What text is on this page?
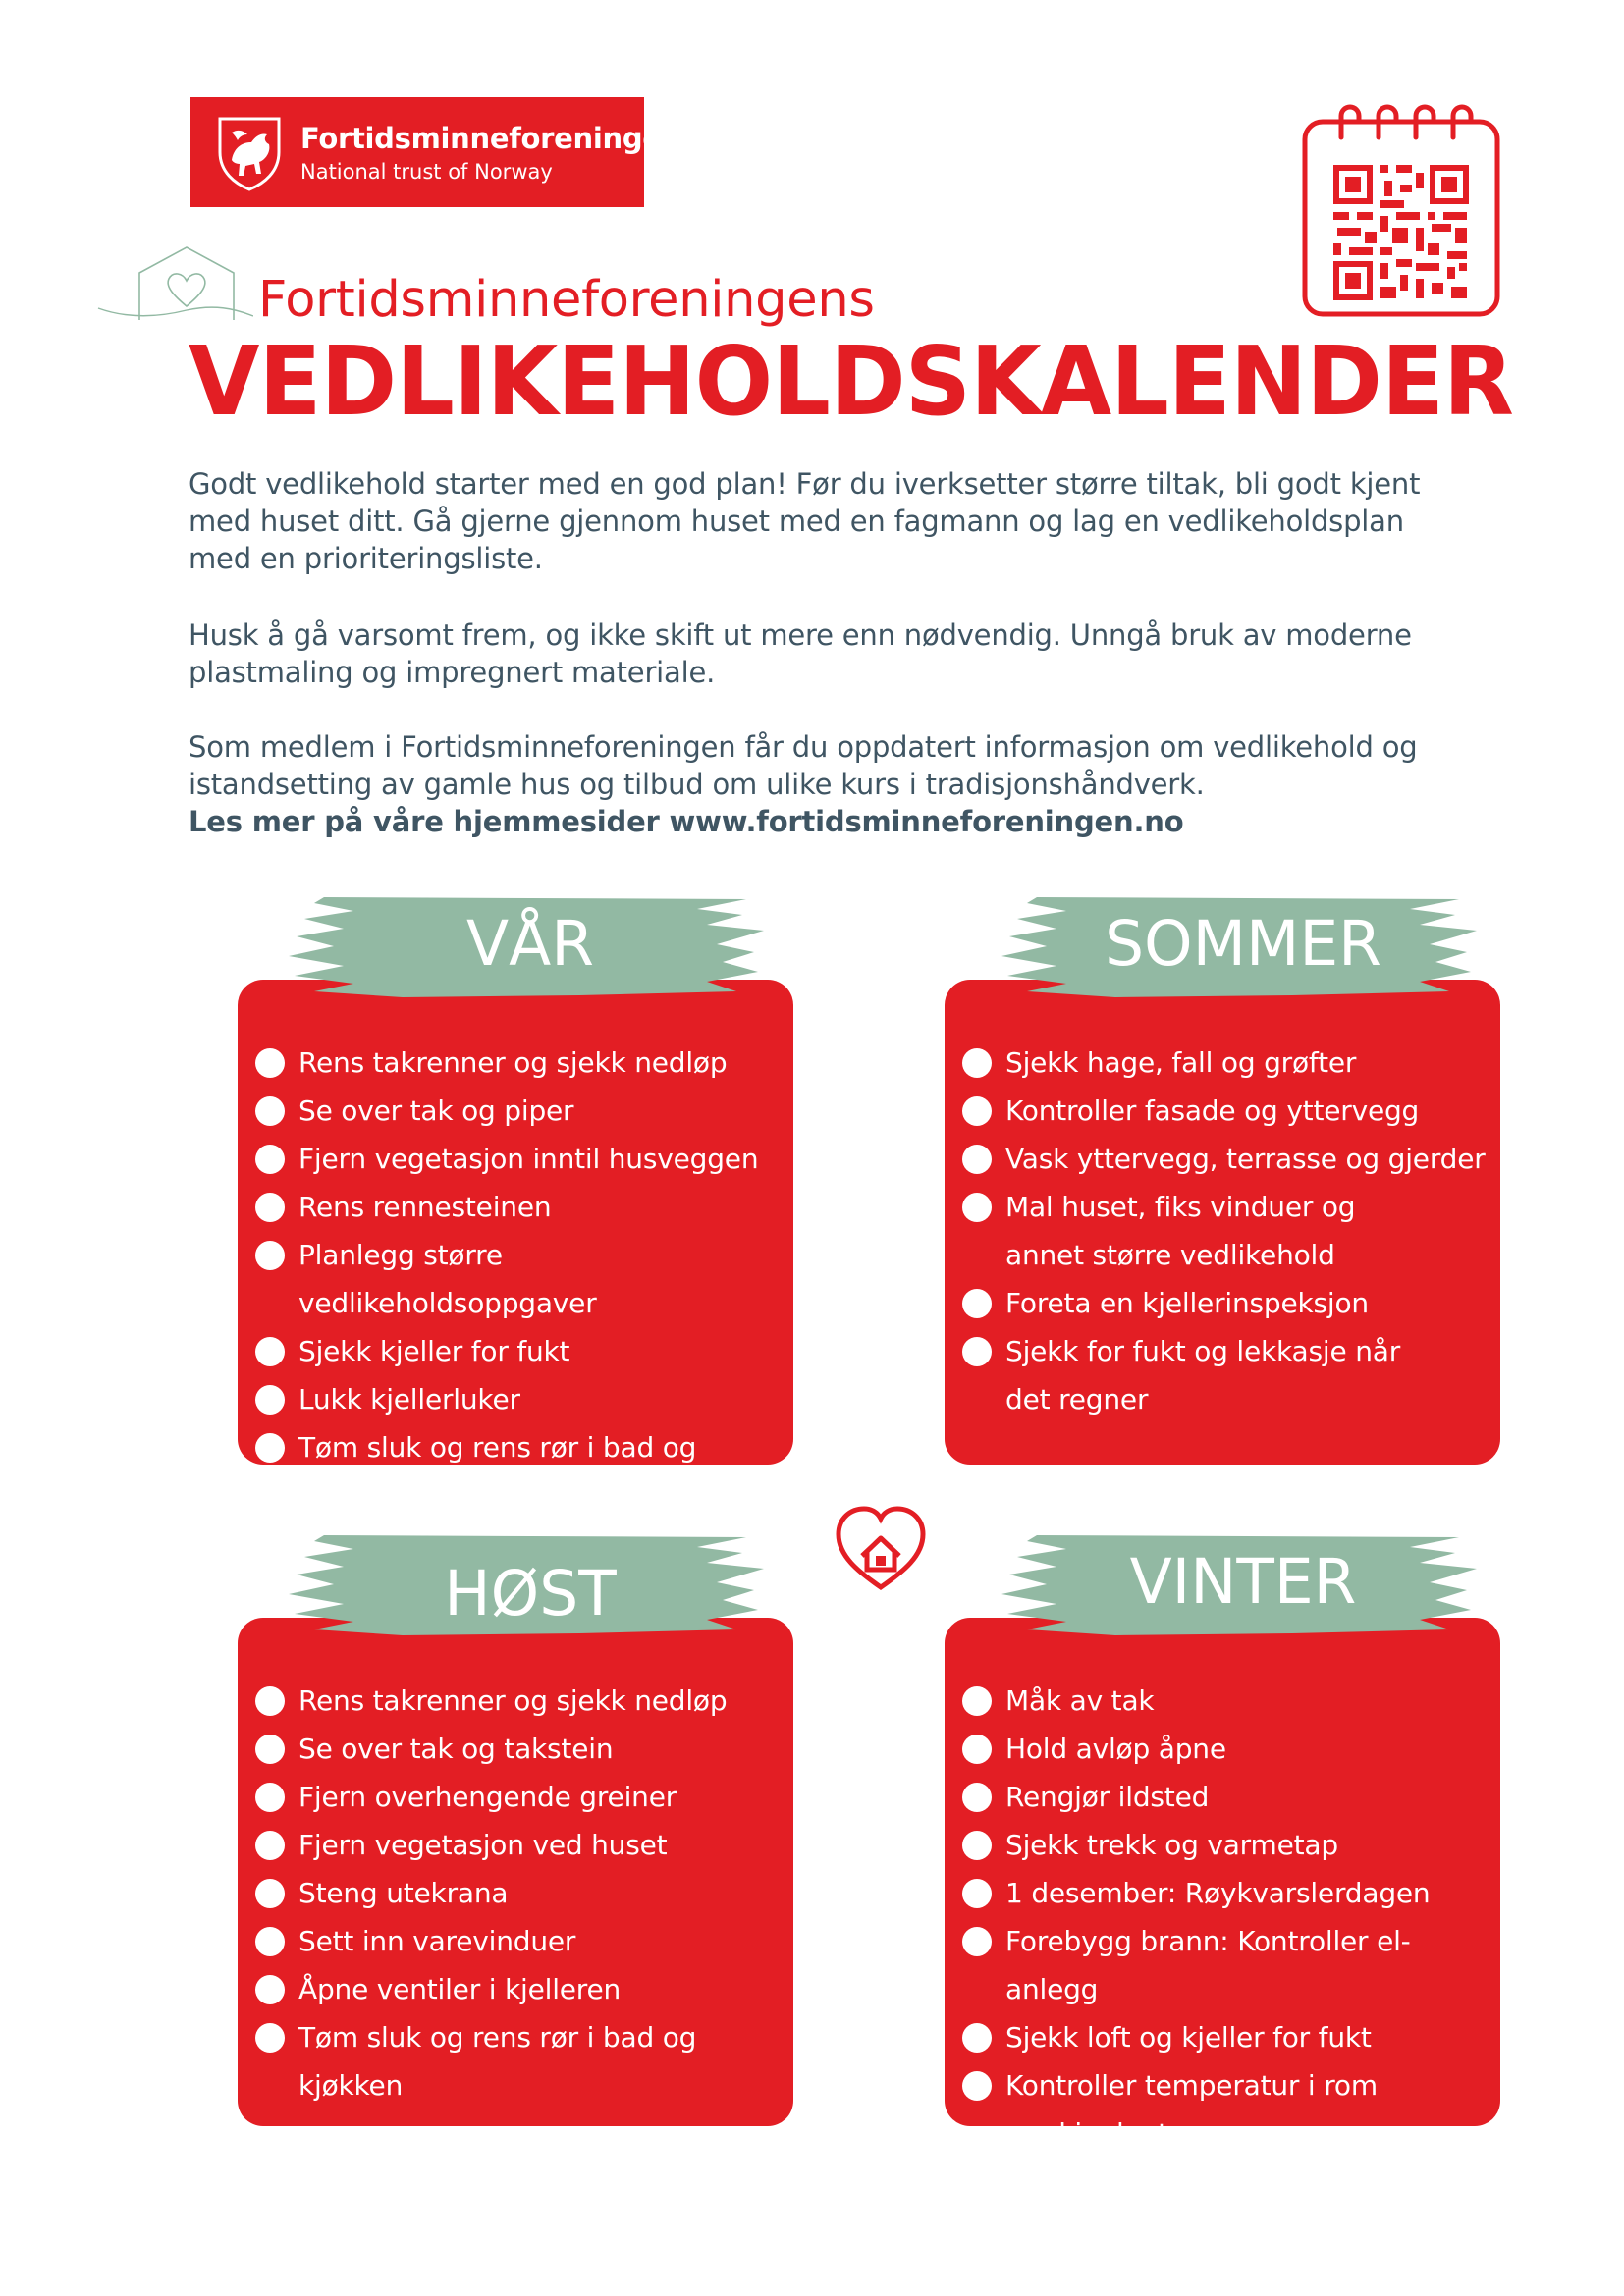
Fortidsminneforeningen
National trust of Norway
Fortidsminneforeningens
VEDLIKEHOLDSKALENDER

Godt vedlikehold starter med en god plan! Før du iverksetter større tiltak, bli godt kjent med huset ditt. Gå gjerne gjennom huset med en fagmann og lag en vedlikeholdsplan med en prioriteringsliste.

Husk å gå varsomt frem, og ikke skift ut mere enn nødvendig. Unngå bruk av moderne plastmaling og impregnert materiale.

Som medlem i Fortidsminneforeningen får du oppdatert informasjon om vedlikehold og istandsetting av gamle hus og tilbud om ulike kurs i tradisjonshåndverk.

Les mer på våre hjemmesider www.fortidsminneforeningen.no

Rens takrenner og sjekk nedløp
Se over tak og piper
Fjern vegetasjon inntil husveggen
Rens rennesteinen
Planlegg større vedlikeholdsoppgaver
Sjekk kjeller for fukt
Lukk kjellerluker
Tøm sluk og rens rør i bad og kjøkken
VÅR
Sjekk hage, fall og grøfter
Kontroller fasade og yttervegg
Vask yttervegg, terrasse og gjerder
Mal huset, fiks vinduer og annet større vedlikehold
Foreta en kjellerinspeksjon
Sjekk for fukt og lekkasje når det regner
SOMMER
Rens takrenner og sjekk nedløp
Se over tak og takstein
Fjern overhengende greiner
Fjern vegetasjon ved huset
Steng utekrana
Sett inn varevinduer
Åpne ventiler i kjelleren
Tøm sluk og rens rør i bad og kjøkken
HØST
Måk av tak
Hold avløp åpne
Rengjør ildsted
Sjekk trekk og varmetap
1 desember: Røykvarslerdagen
Forebygg brann: Kontroller el-anlegg
Sjekk loft og kjeller for fukt
Kontroller temperatur i rom med innlagt vann
VINTER
